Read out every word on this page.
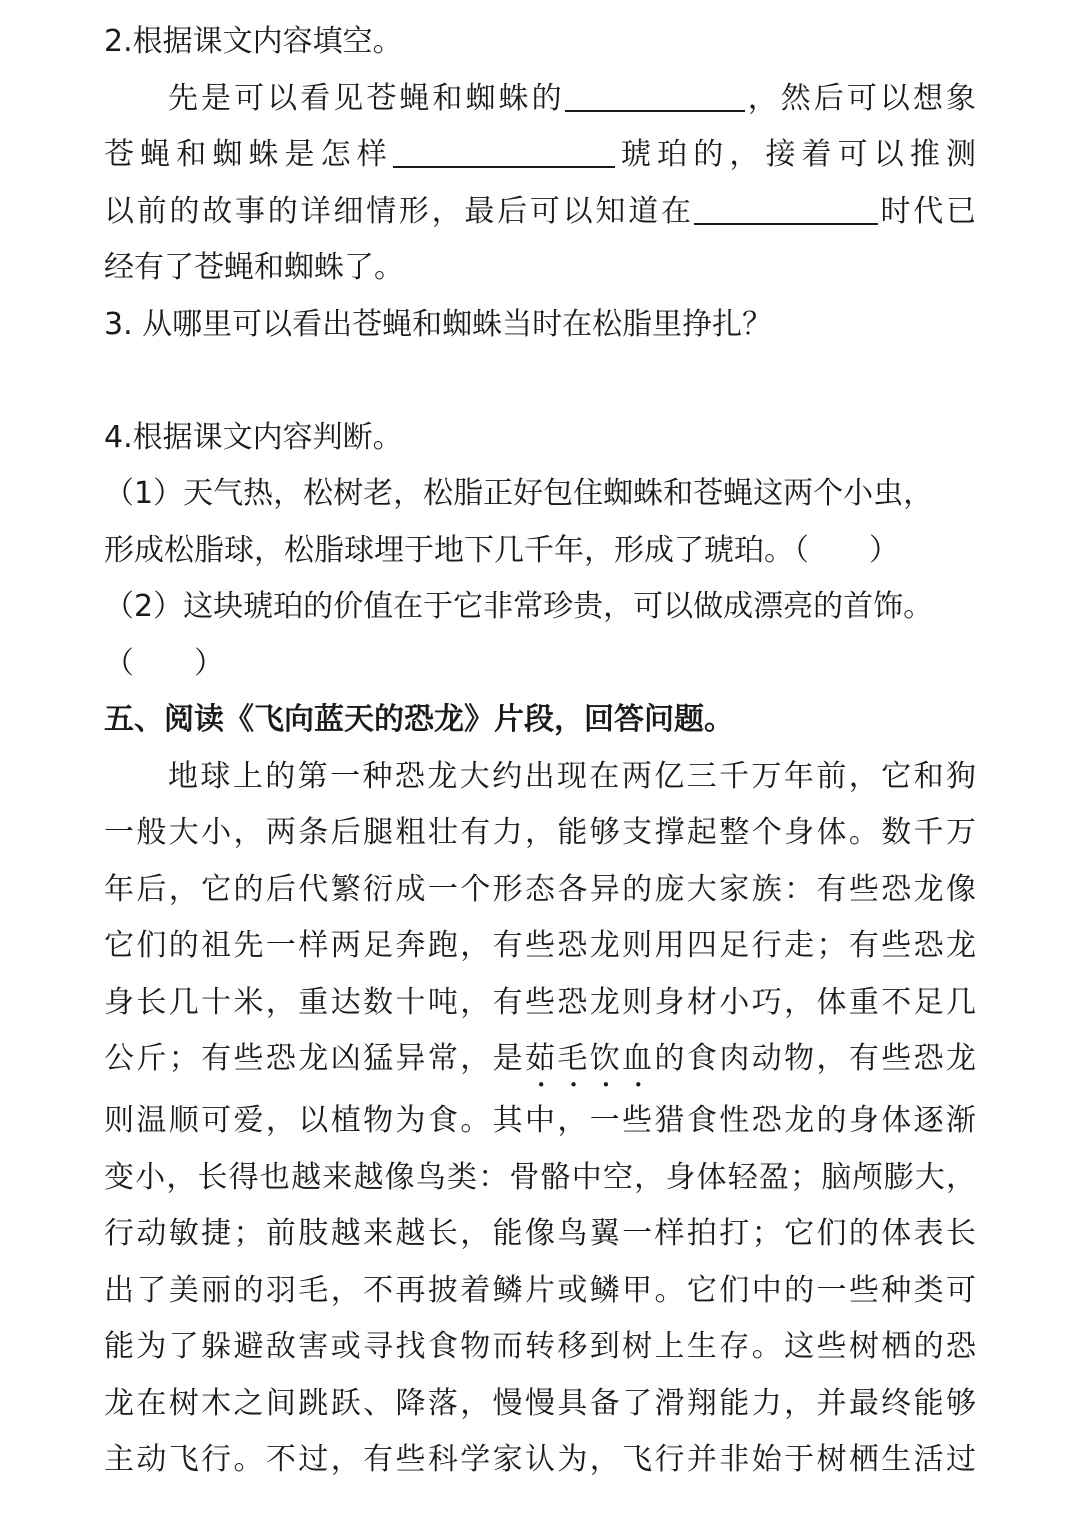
2.根据课文内容填空。
先是可以看见苍蝇和蜘蛛的	，然后可以想象
苍蝇和蜘蛛是怎样	琥珀的，接着可以推测
以前的故事的详细情形，最后可以知道在	时代已
经有了苍蝇和蜘蛛了。
3. 从哪里可以看出苍蝇和蜘蛛当时在松脂里挣扎？
4.根据课文内容判断。
（1）天气热，松树老，松脂正好包住蜘蛛和苍蝇这两个小虫，
形成松脂球，松脂球埋于地下几千年，形成了琥珀。（　　）
（2）这块琥珀的价值在于它非常珍贵，可以做成漂亮的首饰。
（　　）
五、阅读《飞向蓝天的恐龙》片段，回答问题。
地球上的第一种恐龙大约出现在两亿三千万年前，它和狗
一般大小，两条后腿粗壮有力，能够支撑起整个身体。数千万
年后，它的后代繁衍成一个形态各异的庞大家族：有些恐龙像
它们的祖先一样两足奔跑，有些恐龙则用四足行走；有些恐龙
身长几十米，重达数十吨，有些恐龙则身材小巧，体重不足几
公斤；有些恐龙凶猛异常，是茹毛饮血的食肉动物，有些恐龙
则温顺可爱，以植物为食。其中，一些猎食性恐龙的身体逐渐
变小，长得也越来越像鸟类：骨骼中空，身体轻盈；脑颅膨大，
行动敏捷；前肢越来越长，能像鸟翼一样拍打；它们的体表长
出了美丽的羽毛，不再披着鳞片或鳞甲。它们中的一些种类可
能为了躲避敌害或寻找食物而转移到树上生存。这些树栖的恐
龙在树木之间跳跃、降落，慢慢具备了滑翔能力，并最终能够
主动飞行。不过，有些科学家认为，飞行并非始于树栖生活过
